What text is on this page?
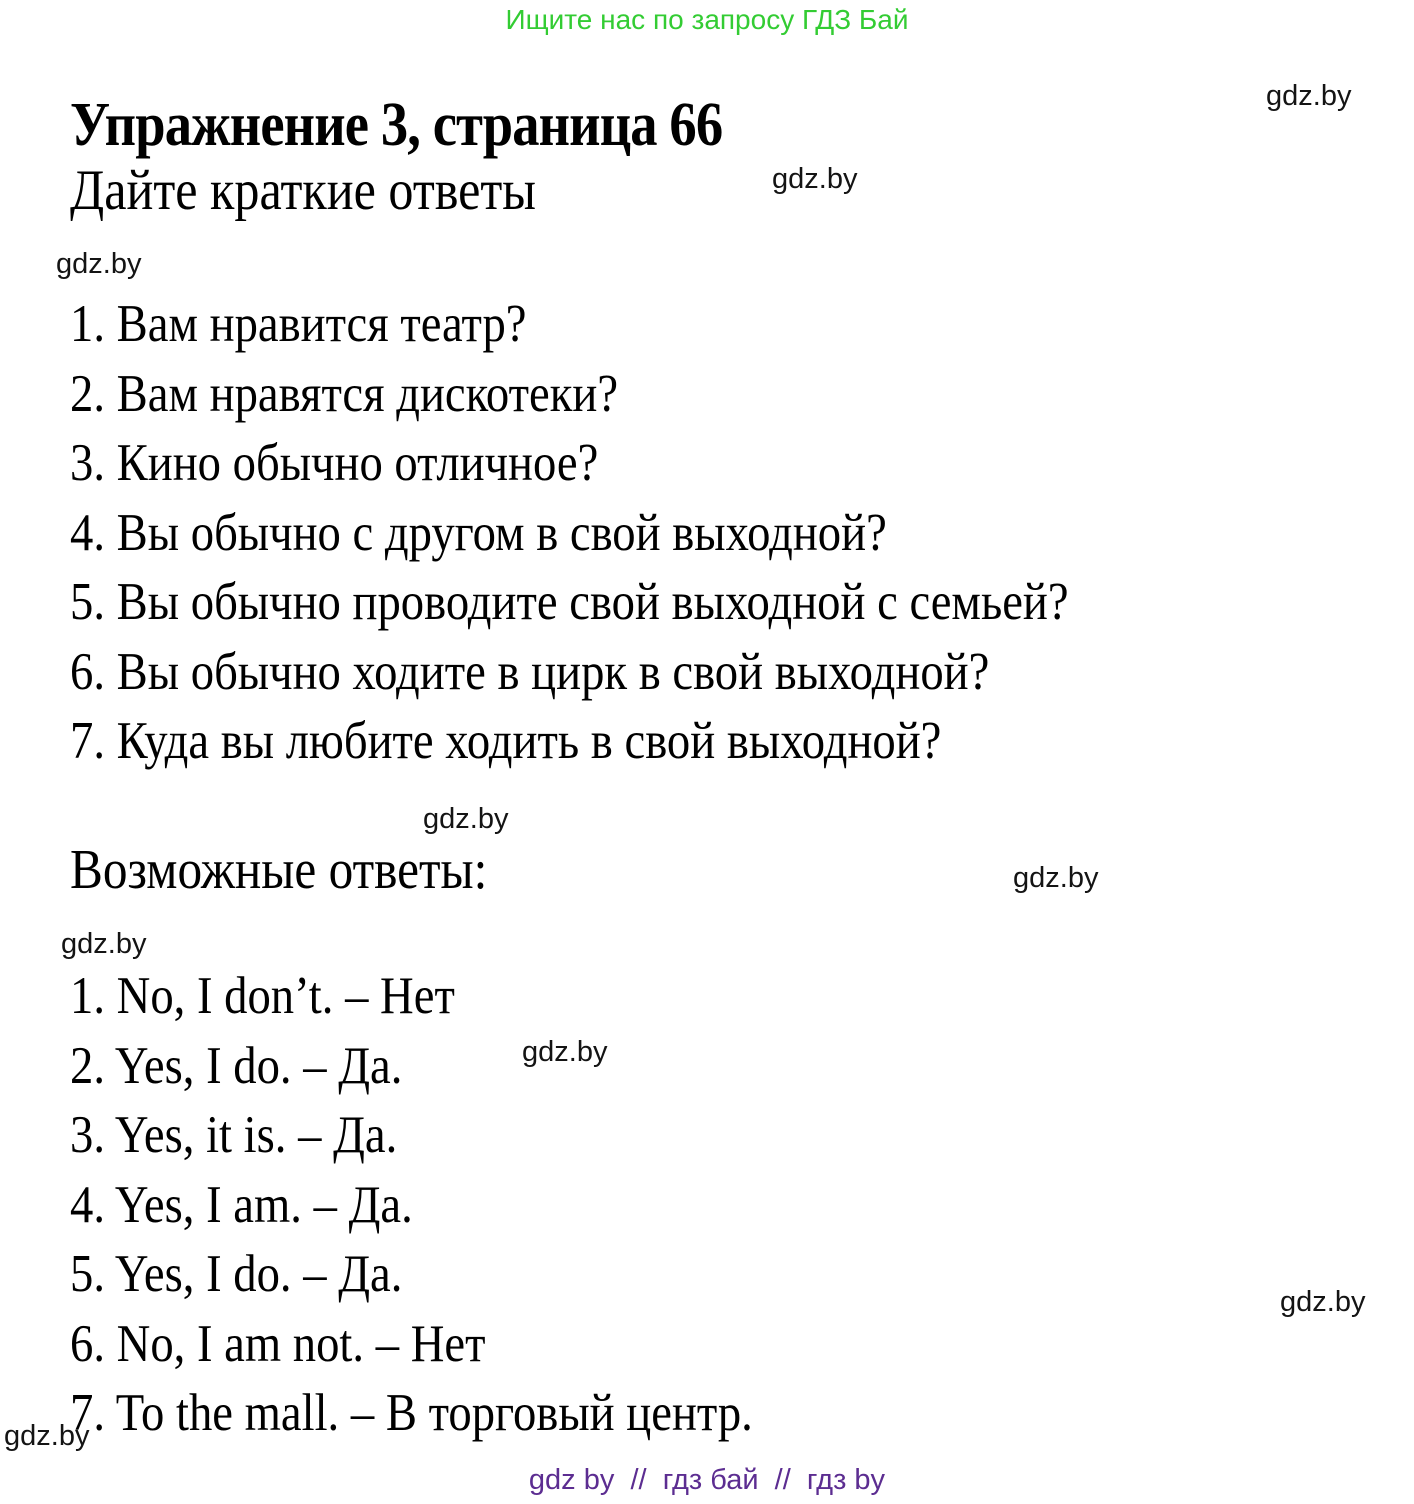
Ищите нас по запросу ГДЗ Бай
gdz.by
gdz.by
gdz.by
gdz.by
gdz.by
gdz.by
gdz.by
gdz.by
gdz.by
Упражнение 3, страница 66
Дайте краткие ответы
1. Вам нравится театр?
2. Вам нравятся дискотеки?
3. Кино обычно отличное?
4. Вы обычно с другом в свой выходной?
5. Вы обычно проводите свой выходной с семьей?
6. Вы обычно ходите в цирк в свой выходной?
7. Куда вы любите ходить в свой выходной?
Возможные ответы:
1. No, I don’t. – Нет
2. Yes, I do. – Да.
3. Yes, it is. – Да.
4. Yes, I am. – Да.
5. Yes, I do. – Да.
6. No, I am not. – Нет
7. To the mall. – В торговый центр.
gdz by  //  гдз бай  //  гдз by
